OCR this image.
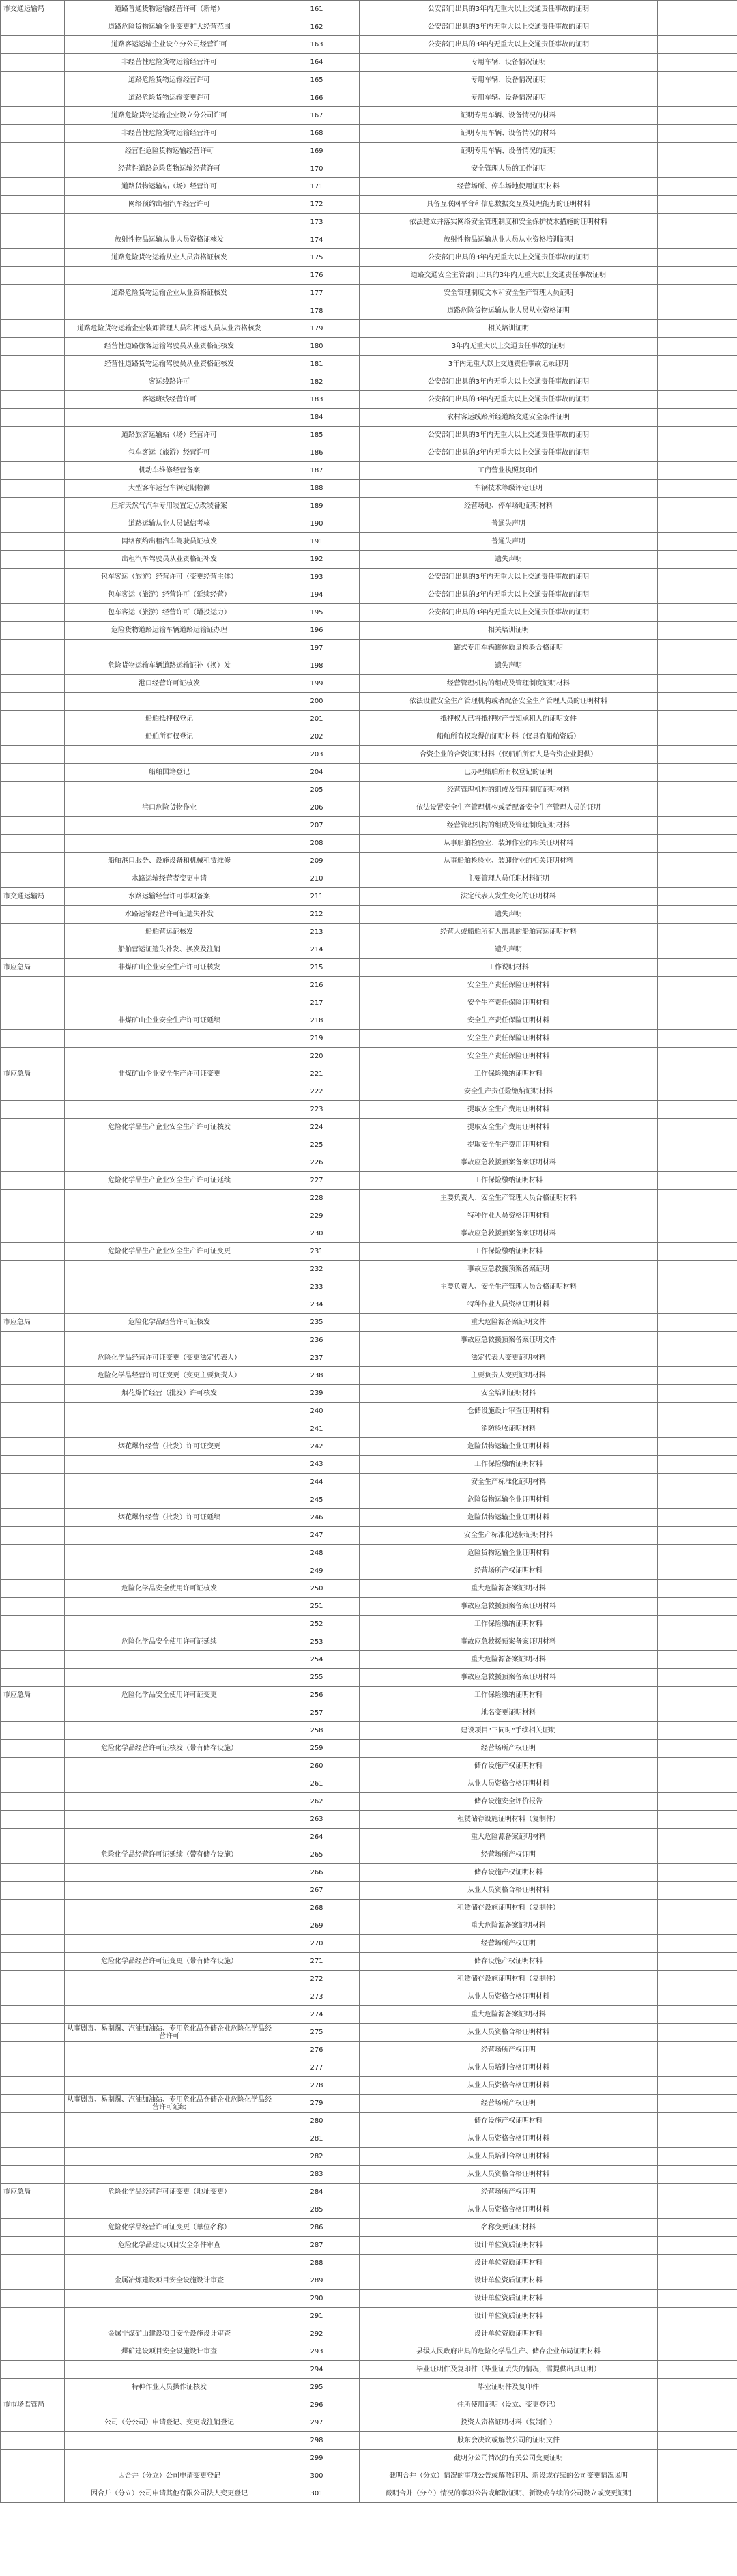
市交通运输局	道路普通货物运输经营许可（新增）	161	公安部门出具的3年内无重大以上交通责任事故的证明		
	道路危险货物运输企业变更扩大经营范围	162	公安部门出具的3年内无重大以上交通责任事故的证明		
	道路客运运输企业设立分公司经营许可	163	公安部门出具的3年内无重大以上交通责任事故的证明		
	非经营性危险货物运输经营许可	164	专用车辆、设备情况证明		
	道路危险货物运输经营许可	165	专用车辆、设备情况证明		
	道路危险货物运输变更许可	166	专用车辆、设备情况证明		
	道路危险货物运输企业设立分公司许可	167	证明专用车辆、设备情况的材料		
	非经营性危险货物运输经营许可	168	证明专用车辆、设备情况的材料		
	经营性危险货物运输经营许可	169	证明专用车辆、设备情况的证明		
	经营性道路危险货物运输经营许可	170	安全管理人员的工作证明		
	道路货物运输站（场）经营许可	171	经营场所、停车场地使用证明材料		
	网络预约出租汽车经营许可	172	具备互联网平台和信息数据交互及处理能力的证明材料		
		173	依法建立并落实网络安全管理制度和安全保护技术措施的证明材料		
	放射性物品运输从业人员资格证核发	174	放射性物品运输从业人员从业资格培训证明		
	道路危险货物运输从业人员资格证核发	175	公安部门出具的3年内无重大以上交通责任事故的证明		
		176	道路交通安全主管部门出具的3年内无重大以上交通责任事故证明		
	道路危险货物运输企业从业资格证核发	177	安全管理制度文本和安全生产管理人员证明		
		178	道路危险货物运输从业人员从业资格证明		
	道路危险货物运输企业装卸管理人员和押运人员从业资格核发	179	相关培训证明		
	经营性道路旅客运输驾驶员从业资格证核发	180	3年内无重大以上交通责任事故的证明		
	经营性道路货物运输驾驶员从业资格证核发	181	3年内无重大以上交通责任事故记录证明		
	客运线路许可	182	公安部门出具的3年内无重大以上交通责任事故的证明		
	客运班线经营许可	183	公安部门出具的3年内无重大以上交通责任事故的证明		
		184	农村客运线路所经道路交通安全条件证明		
	道路旅客运输站（场）经营许可	185	公安部门出具的3年内无重大以上交通责任事故的证明		
	包车客运（旅游）经营许可	186	公安部门出具的3年内无重大以上交通责任事故的证明		
	机动车维修经营备案	187	工商营业执照复印件		
	大型客车运营车辆定期检测	188	车辆技术等级评定证明		
	压缩天然气汽车专用装置定点改装备案	189	经营场地、停车场地证明材料		
	道路运输从业人员诚信考核	190	普通失声明		
	网络预约出租汽车驾驶员证核发	191	普通失声明		
	出租汽车驾驶员从业资格证补发	192	遗失声明		
	包车客运（旅游）经营许可（变更经营主体）	193	公安部门出具的3年内无重大以上交通责任事故的证明		
	包车客运（旅游）经营许可（延续经营）	194	公安部门出具的3年内无重大以上交通责任事故的证明		
	包车客运（旅游）经营许可（增投运力）	195	公安部门出具的3年内无重大以上交通责任事故的证明		
	危险货物道路运输车辆道路运输证办理	196	相关培训证明		
		197	罐式专用车辆罐体质量检验合格证明		
	危险货物运输车辆道路运输证补（换）发	198	遗失声明		
	港口经营许可证核发	199	经营管理机构的组成及管理制度证明材料		
		200	依法设置安全生产管理机构或者配备安全生产管理人员的证明材料		
	船舶抵押权登记	201	抵押权人已将抵押财产告知承租人的证明文件		
	船舶所有权登记	202	船舶所有权取得的证明材料（仅具有船舶资质）		
		203	合资企业的合资证明材料（仅船舶所有人是合资企业提供）		
	船舶国籍登记	204	已办理船舶所有权登记的证明		
		205	经营管理机构的组成及管理制度证明材料		
	港口危险货物作业	206	依法设置安全生产管理机构或者配备安全生产管理人员的证明		
		207	经营管理机构的组成及管理制度证明材料		
		208	从事船舶检验业、装卸作业的相关证明材料		
	船舶港口服务、设施设备和机械租赁维修	209	从事船舶检验业、装卸作业的相关证明材料		
	水路运输经营者变更申请	210	主要管理人员任职材料证明		
市交通运输局	水路运输经营许可事项备案	211	法定代表人发生变化的证明材料		
	水路运输经营许可证遗失补发	212	遗失声明		
	船舶营运证核发	213	经营人或船舶所有人出具的船舶营运证明材料		
	船舶营运证遗失补发、换发及注销	214	遗失声明		
市应急局	非煤矿山企业安全生产许可证核发	215	工作说明材料		
		216	安全生产责任保险证明材料		
		217	安全生产责任保险证明材料		
	非煤矿山企业安全生产许可证延续	218	安全生产责任保险证明材料		
		219	安全生产责任保险证明材料		
		220	安全生产责任保险证明材料		
市应急局	非煤矿山企业安全生产许可证变更	221	工作保险缴纳证明材料		
		222	安全生产责任险缴纳证明材料		
		223	提取安全生产费用证明材料		
	危险化学品生产企业安全生产许可证核发	224	提取安全生产费用证明材料		
		225	提取安全生产费用证明材料		
		226	事故应急救援预案备案证明材料		
	危险化学品生产企业安全生产许可证延续	227	工作保险缴纳证明材料		
		228	主要负责人、安全生产管理人员合格证明材料		
		229	特种作业人员资格证明材料		
		230	事故应急救援预案备案证明材料		
	危险化学品生产企业安全生产许可证变更	231	工作保险缴纳证明材料		
		232	事故应急救援预案备案证明		
		233	主要负责人、安全生产管理人员合格证明材料		
		234	特种作业人员资格证明材料		
市应急局	危险化学品经营许可证核发	235	重大危险源备案证明文件		
		236	事故应急救援预案备案证明文件		
	危险化学品经营许可证变更（变更法定代表人）	237	法定代表人变更证明材料		
	危险化学品经营许可证变更（变更主要负责人）	238	主要负责人变更证明材料		
	烟花爆竹经营（批发）许可核发	239	安全培训证明材料		
		240	仓储设施设计审查证明材料		
		241	消防验收证明材料		
	烟花爆竹经营（批发）许可证变更	242	危险货物运输企业证明材料		
		243	工作保险缴纳证明材料		
		244	安全生产标准化证明材料		
		245	危险货物运输企业证明材料		
	烟花爆竹经营（批发）许可证延续	246	危险货物运输企业证明材料		
		247	安全生产标准化达标证明材料		
		248	危险货物运输企业证明材料		
		249	经营场所产权证明材料		
	危险化学品安全使用许可证核发	250	重大危险源备案证明材料		
		251	事故应急救援预案备案证明材料		
		252	工作保险缴纳证明材料		
	危险化学品安全使用许可证延续	253	事故应急救援预案备案证明材料		
		254	重大危险源备案证明材料		
		255	事故应急救援预案备案证明材料		
市应急局	危险化学品安全使用许可证变更	256	工作保险缴纳证明材料		
		257	地名变更证明材料		
		258	建设项目"三同时"手续相关证明		
	危险化学品经营许可证核发（带有储存设施）	259	经营场所产权证明		
		260	储存设施产权证明材料		
		261	从业人员资格合格证明材料		
		262	储存设施安全评价报告		
		263	租赁储存设施证明材料（复制件）		
		264	重大危险源备案证明材料		
	危险化学品经营许可证延续（带有储存设施）	265	经营场所产权证明		
		266	储存设施产权证明材料		
		267	从业人员资格合格证明材料		
		268	租赁储存设施证明材料（复制件）		
		269	重大危险源备案证明材料		
		270	经营场所产权证明		
	危险化学品经营许可证变更（带有储存设施）	271	储存设施产权证明材料		
		272	租赁储存设施证明材料（复制件）		
		273	从业人员资格合格证明材料		
		274	重大危险源备案证明材料		
	从事剧毒、易制爆、汽油加油站、专用危化品仓储企业危险化学品经营许可	275	从业人员资格合格证明材料		
		276	经营场所产权证明		
		277	从业人员培训合格证明材料		
		278	从业人员资格合格证明材料		
	从事剧毒、易制爆、汽油加油站、专用危化品仓储企业危险化学品经营许可延续	279	经营场所产权证明		
		280	储存设施产权证明材料		
		281	从业人员资格合格证明材料		
		282	从业人员培训合格证明材料		
		283	从业人员资格合格证明材料		
市应急局	危险化学品经营许可证变更（地址变更）	284	经营场所产权证明		
		285	从业人员资格合格证明材料		
	危险化学品经营许可证变更（单位名称）	286	名称变更证明材料		
	危险化学品建设项目安全条件审查	287	设计单位资质证明材料		
		288	设计单位资质证明材料		
	金属冶炼建设项目安全设施设计审查	289	设计单位资质证明材料		
		290	设计单位资质证明材料		
		291	设计单位资质证明材料		
	金属非煤矿山建设项目安全设施设计审查	292	设计单位资质证明材料		
	煤矿建设项目安全设施设计审查	293	县级人民政府出具的危险化学品生产、储存企业布局证明材料		
		294	毕业证明件及复印件（毕业证丢失的情况，需提供出具证明）		
	特种作业人员操作证核发	295	毕业证明件及复印件		
市市场监管局		296	住所使用证明（设立、变更登记）		
	公司（分公司）申请登记、变更或注销登记	297	投资人资格证明材料（复制件）		
		298	股东会决议或解散公司的证明文件		
		299	截明分公司情况的有关公司变更证明		
	因合并（分立）公司申请变更登记	300	截明合并（分立）情况的事项公告或解散证明、新设或存续的公司变更情况说明		
	因合并（分立）公司申请其他有限公司法人变更登记	301	截明合并（分立）情况的事项公告或解散证明、新设或存续的公司设立或变更证明		
